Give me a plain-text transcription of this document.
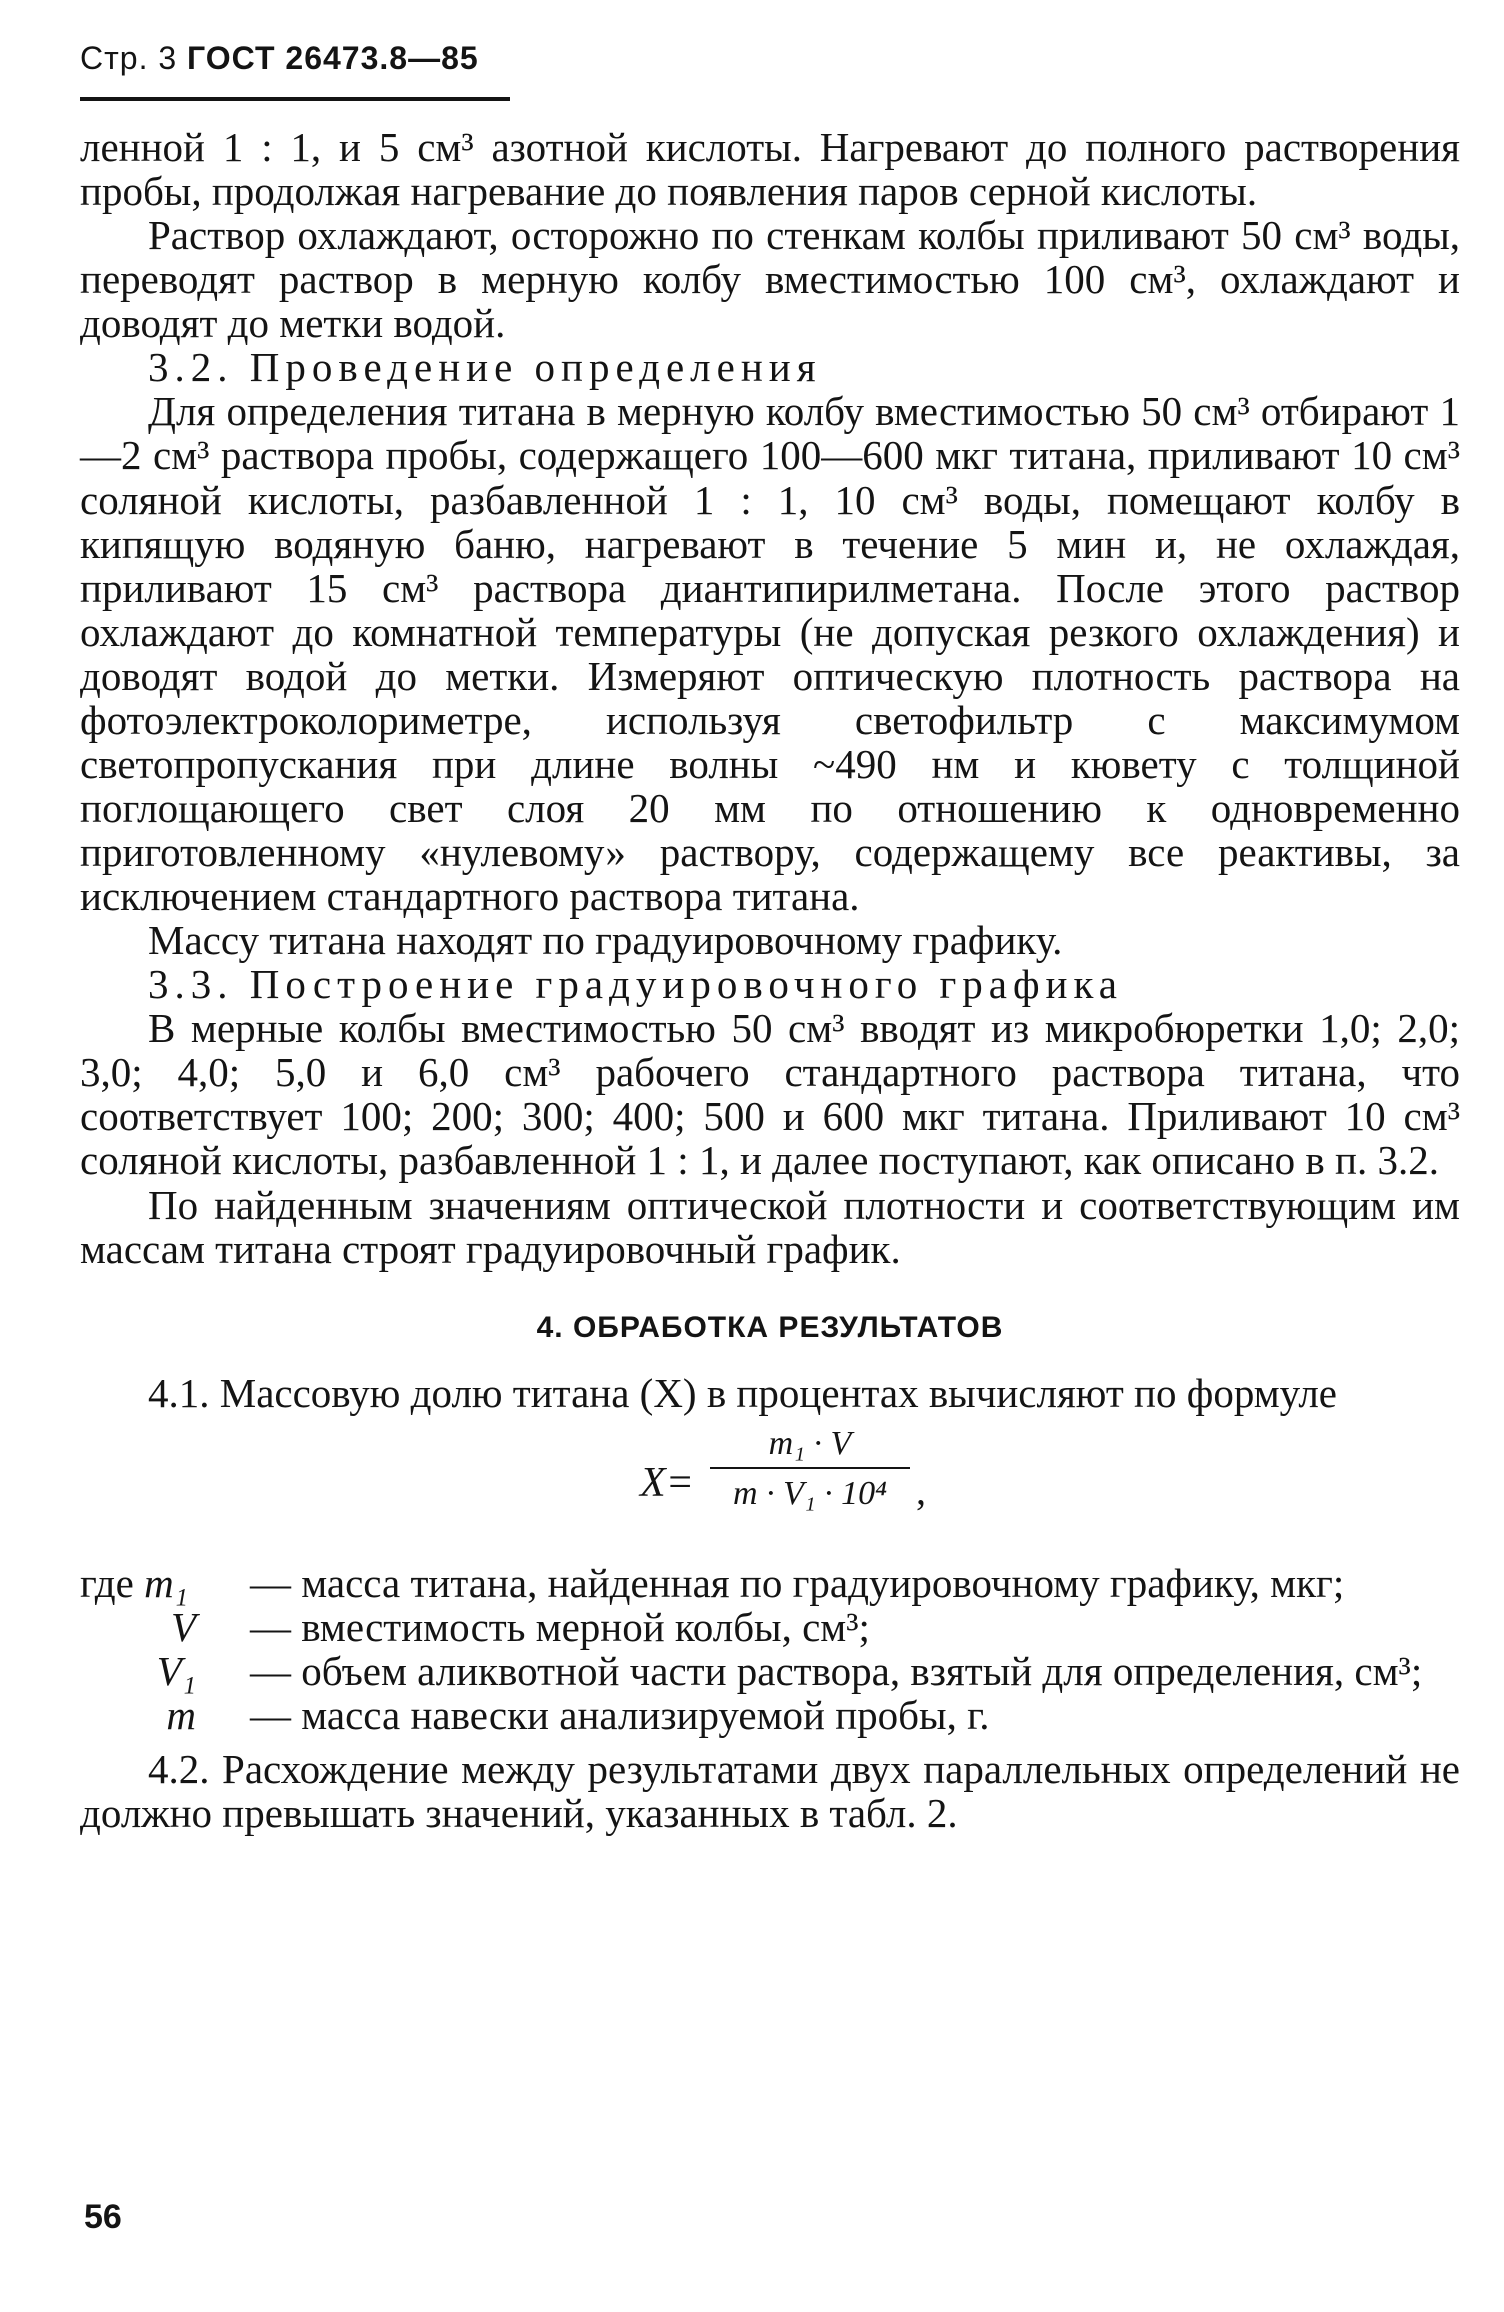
Стр. 3 ГОСТ 26473.8—85

ленной 1 : 1, и 5 см³ азотной кислоты. Нагревают до полного растворения пробы, продолжая нагревание до появления паров серной кислоты.

Раствор охлаждают, осторожно по стенкам колбы приливают 50 см³ воды, переводят раствор в мерную колбу вместимостью 100 см³, охлаждают и доводят до метки водой.

3.2. Проведение определения

Для определения титана в мерную колбу вместимостью 50 см³ отбирают 1—2 см³ раствора пробы, содержащего 100—600 мкг титана, приливают 10 см³ соляной кислоты, разбавленной 1 : 1, 10 см³ воды, помещают колбу в кипящую водяную баню, нагревают в течение 5 мин и, не охлаждая, приливают 15 см³ раствора диантипирилметана. После этого раствор охлаждают до комнатной температуры (не допуская резкого охлаждения) и доводят водой до метки. Измеряют оптическую плотность раствора на фотоэлектроколориметре, используя светофильтр с максимумом светопропускания при длине волны ~490 нм и кювету с толщиной поглощающего свет слоя 20 мм по отношению к одновременно приготовленному «нулевому» раствору, содержащему все реактивы, за исключением стандартного раствора титана.

Массу титана находят по градуировочному графику.

3.3. Построение градуировочного графика

В мерные колбы вместимостью 50 см³ вводят из микробюретки 1,0; 2,0; 3,0; 4,0; 5,0 и 6,0 см³ рабочего стандартного раствора титана, что соответствует 100; 200; 300; 400; 500 и 600 мкг титана. Приливают 10 см³ соляной кислоты, разбавленной 1 : 1, и далее поступают, как описано в п. 3.2.

По найденным значениям оптической плотности и соответствующим им массам титана строят градуировочный график.

4. ОБРАБОТКА РЕЗУЛЬТАТОВ

4.1. Массовую долю титана (X) в процентах вычисляют по формуле

X=
m₁ · V
m · V₁ · 10⁴ ,
где m₁	— масса титана, найденная по градуировочному графику, мкг;
V	— вместимость мерной колбы, см³;
V₁	— объем аликвотной части раствора, взятый для определения, см³;
m	— масса навески анализируемой пробы, г.

4.2. Расхождение между результатами двух параллельных определений не должно превышать значений, указанных в табл. 2.

56
